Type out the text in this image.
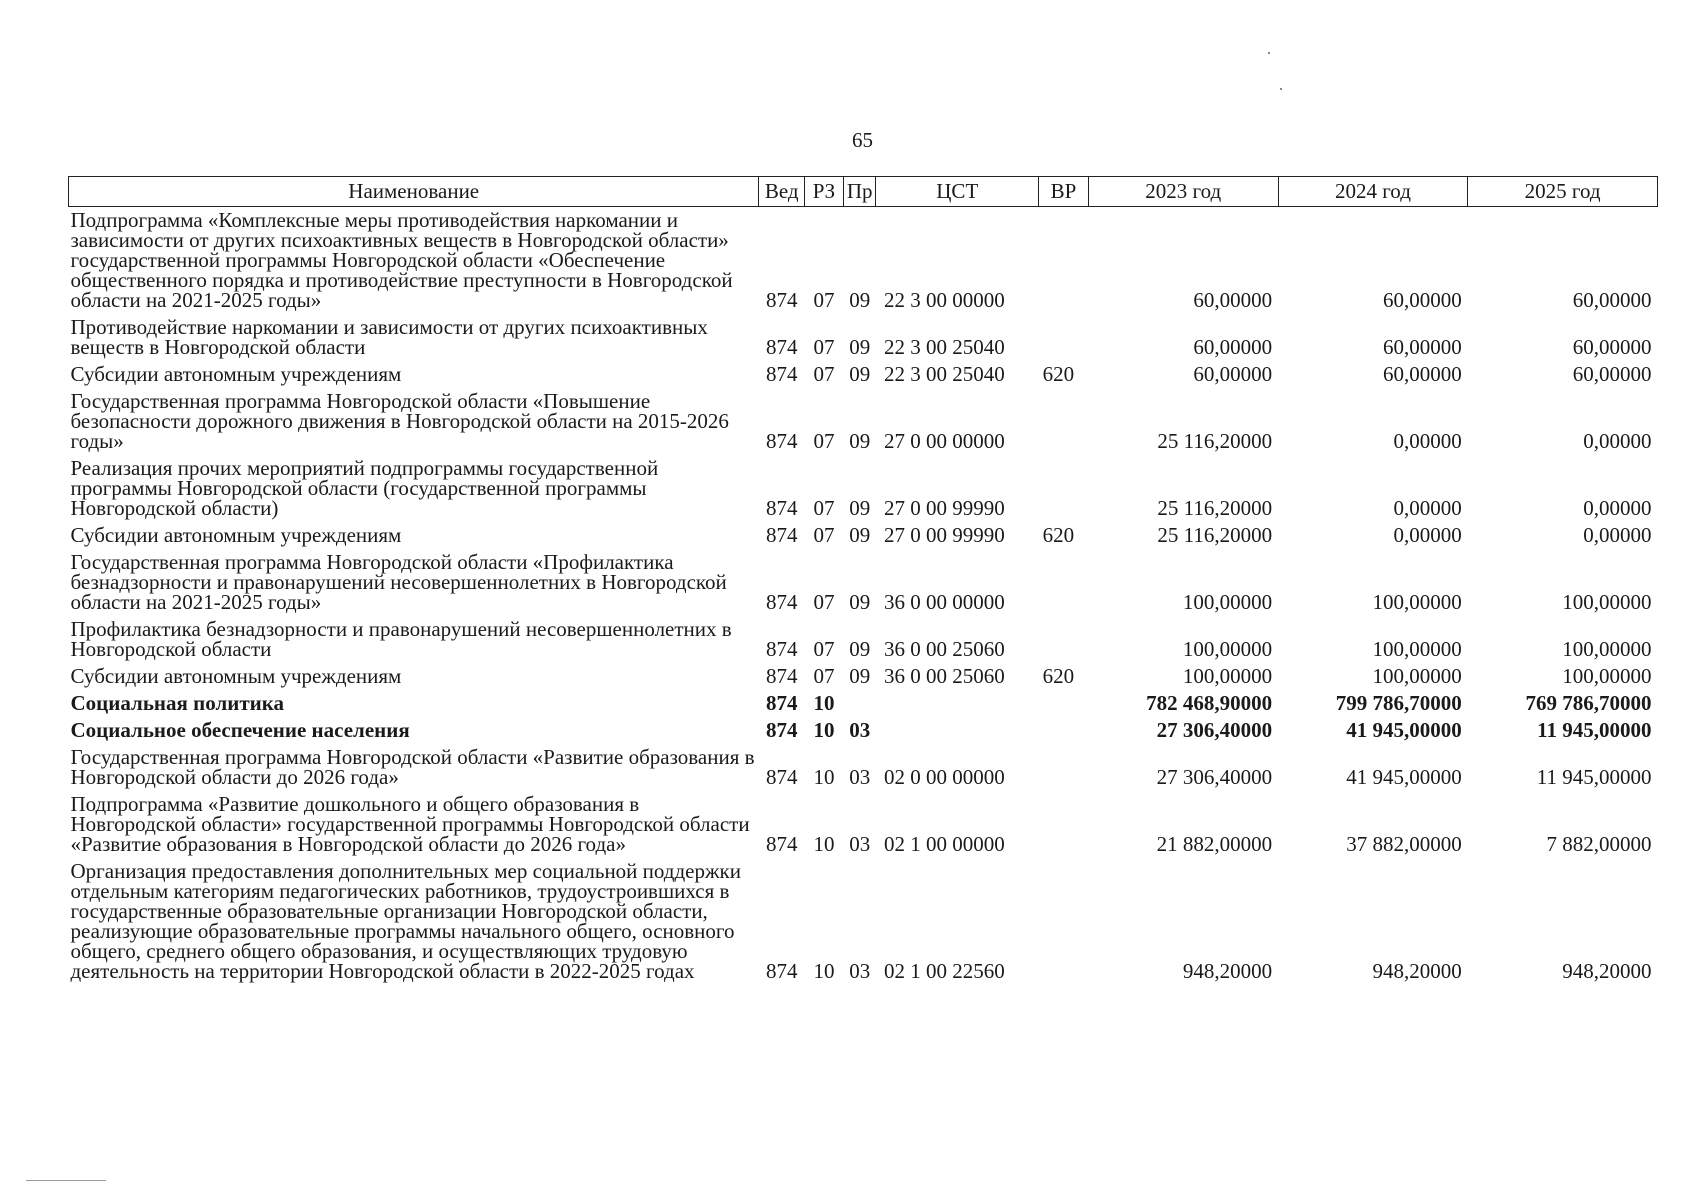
65
Наименование	Вед	РЗ	Пр	ЦСТ	ВР	2023 год	2024 год	2025 год
Подпрограмма «Комплексные меры противодействия наркомании и зависимости от других психоактивных веществ в Новгородской области» государственной программы Новгородской области «Обеспечение общественного порядка и противодействие преступности в Новгородской области на 2021-2025 годы»	874	07	09	22 3 00 00000		60,00000	60,00000	60,00000
Противодействие наркомании и зависимости от других психоактивных веществ в Новгородской области	874	07	09	22 3 00 25040		60,00000	60,00000	60,00000
Субсидии автономным учреждениям	874	07	09	22 3 00 25040	620	60,00000	60,00000	60,00000
Государственная программа Новгородской области «Повышение безопасности дорожного движения в Новгородской области на 2015-2026 годы»	874	07	09	27 0 00 00000		25 116,20000	0,00000	0,00000
Реализация прочих мероприятий подпрограммы государственной программы Новгородской области (государственной программы Новгородской области)	874	07	09	27 0 00 99990		25 116,20000	0,00000	0,00000
Субсидии автономным учреждениям	874	07	09	27 0 00 99990	620	25 116,20000	0,00000	0,00000
Государственная программа Новгородской области «Профилактика безнадзорности и правонарушений несовершеннолетних в Новгородской области на 2021-2025 годы»	874	07	09	36 0 00 00000		100,00000	100,00000	100,00000
Профилактика безнадзорности и правонарушений несовершеннолетних в Новгородской области	874	07	09	36 0 00 25060		100,00000	100,00000	100,00000
Субсидии автономным учреждениям	874	07	09	36 0 00 25060	620	100,00000	100,00000	100,00000
Социальная политика	874	10				782 468,90000	799 786,70000	769 786,70000
Социальное обеспечение населения	874	10	03			27 306,40000	41 945,00000	11 945,00000
Государственная программа Новгородской области «Развитие образования в Новгородской области до 2026 года»	874	10	03	02 0 00 00000		27 306,40000	41 945,00000	11 945,00000
Подпрограмма «Развитие дошкольного и общего образования в Новгородской области» государственной программы Новгородской области «Развитие образования в Новгородской области до 2026 года»	874	10	03	02 1 00 00000		21 882,00000	37 882,00000	7 882,00000
Организация предоставления дополнительных мер социальной поддержки отдельным категориям педагогических работников, трудоустроившихся в государственные образовательные организации Новгородской области, реализующие образовательные программы начального общего, основного общего, среднего общего образования, и осуществляющих трудовую деятельность на территории Новгородской области в 2022-2025 годах	874	10	03	02 1 00 22560		948,20000	948,20000	948,20000
